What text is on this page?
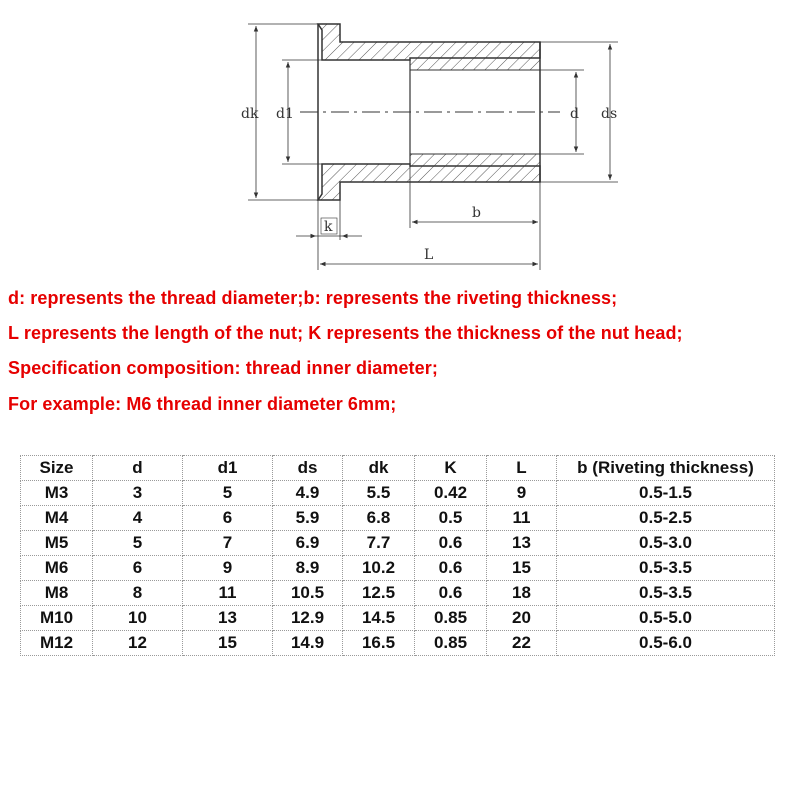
dk d1	d ds
k
b
L
d: represents the thread diameter;b: represents the riveting thickness;
L represents the length of the nut; K represents the thickness of the nut head;
Specification composition: thread inner diameter;
For example: M6 thread inner diameter 6mm;
Size	d	d1	ds	dk	K	L	b (Riveting thickness)
M3	3	5	4.9	5.5	0.42	9	0.5-1.5
M4	4	6	5.9	6.8	0.5	11	0.5-2.5
M5	5	7	6.9	7.7	0.6	13	0.5-3.0
M6	6	9	8.9	10.2	0.6	15	0.5-3.5
M8	8	11	10.5	12.5	0.6	18	0.5-3.5
M10	10	13	12.9	14.5	0.85	20	0.5-5.0
M12	12	15	14.9	16.5	0.85	22	0.5-6.0
